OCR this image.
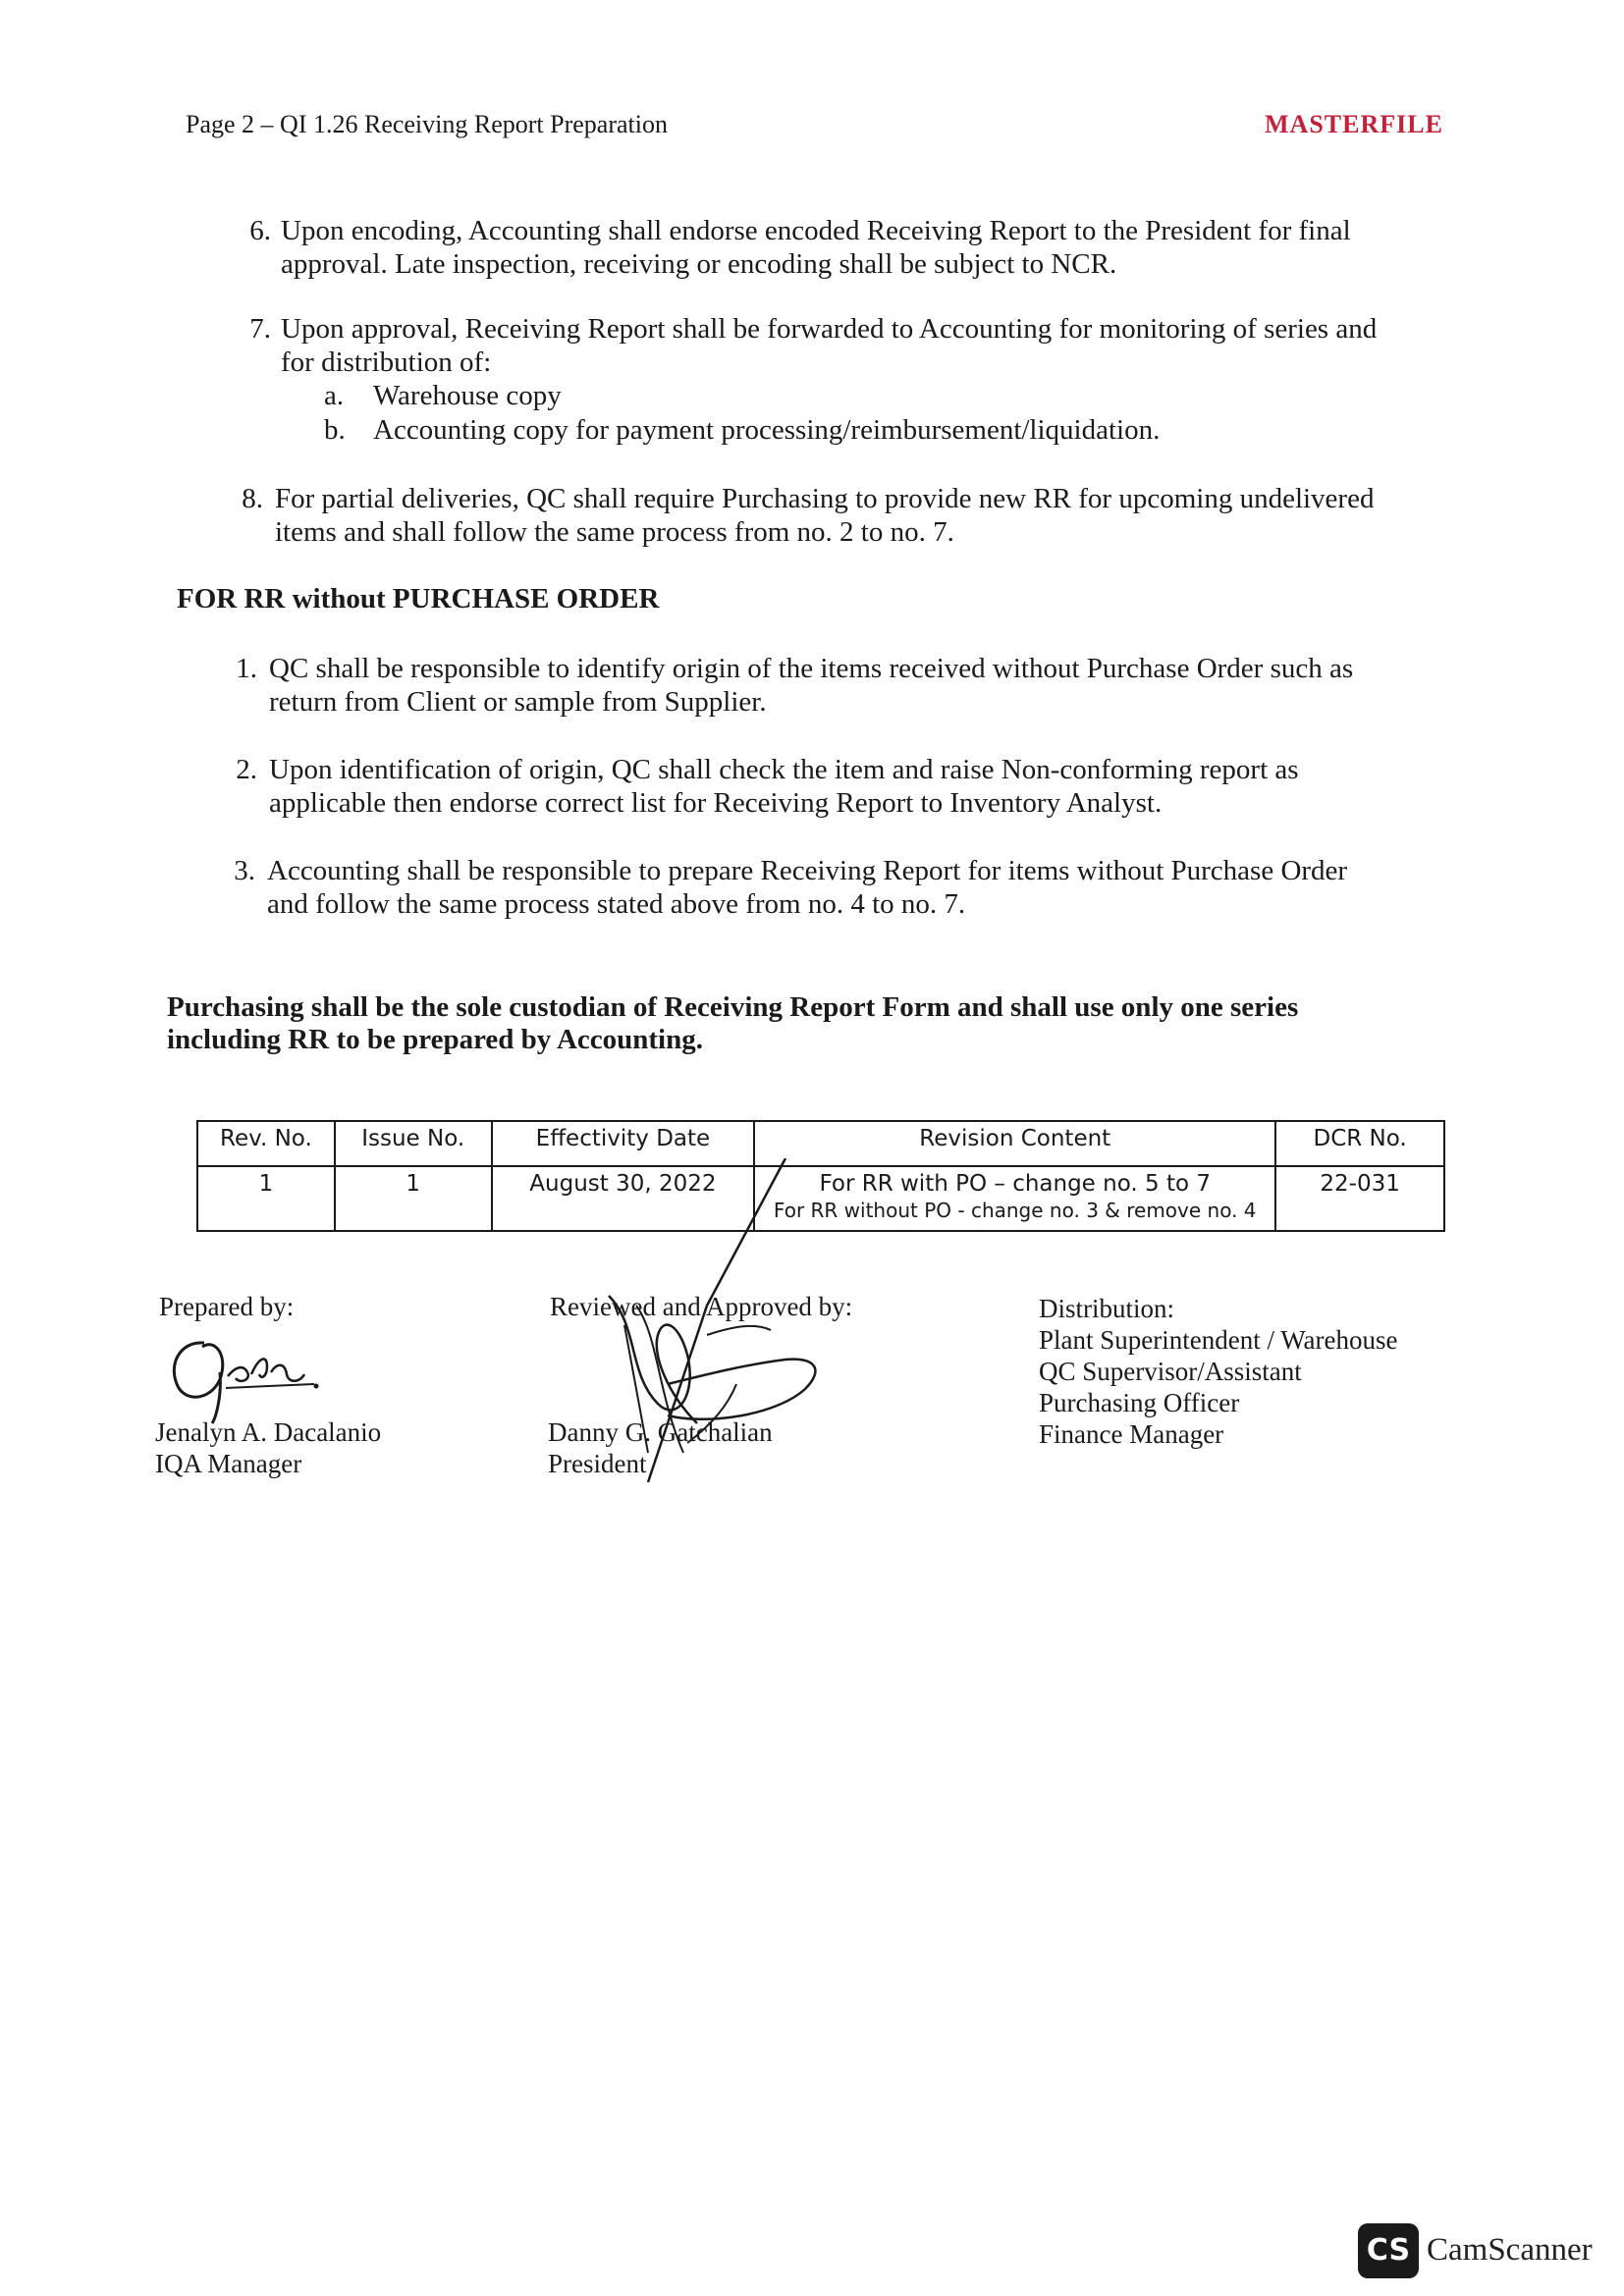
Page 2 – QI 1.26 Receiving Report Preparation	MASTERFILE
6. Upon encoding, Accounting shall endorse encoded Receiving Report to the President for final
approval. Late inspection, receiving or encoding shall be subject to NCR.
7. Upon approval, Receiving Report shall be forwarded to Accounting for monitoring of series and
for distribution of:
a. Warehouse copy
b. Accounting copy for payment processing/reimbursement/liquidation.
8. For partial deliveries, QC shall require Purchasing to provide new RR for upcoming undelivered
items and shall follow the same process from no. 2 to no. 7.
FOR RR without PURCHASE ORDER
1. QC shall be responsible to identify origin of the items received without Purchase Order such as
return from Client or sample from Supplier.
2. Upon identification of origin, QC shall check the item and raise Non-conforming report as
applicable then endorse correct list for Receiving Report to Inventory Analyst.
3. Accounting shall be responsible to prepare Receiving Report for items without Purchase Order
and follow the same process stated above from no. 4 to no. 7.
Purchasing shall be the sole custodian of Receiving Report Form and shall use only one series
including RR to be prepared by Accounting.
Rev. No.	Issue No.	Effectivity Date	Revision Content	DCR No.
1	1	August 30, 2022	For RR with PO – change no. 5 to 7
For RR without PO - change no. 3 & remove no. 4	22-031
Prepared by:
Jenalyn A. Dacalanio
IQA Manager
Reviewed and Approved by:
Danny G. Gatchalian
President
Distribution:
Plant Superintendent / Warehouse
QC Supervisor/Assistant
Purchasing Officer
Finance Manager
CS CamScanner
